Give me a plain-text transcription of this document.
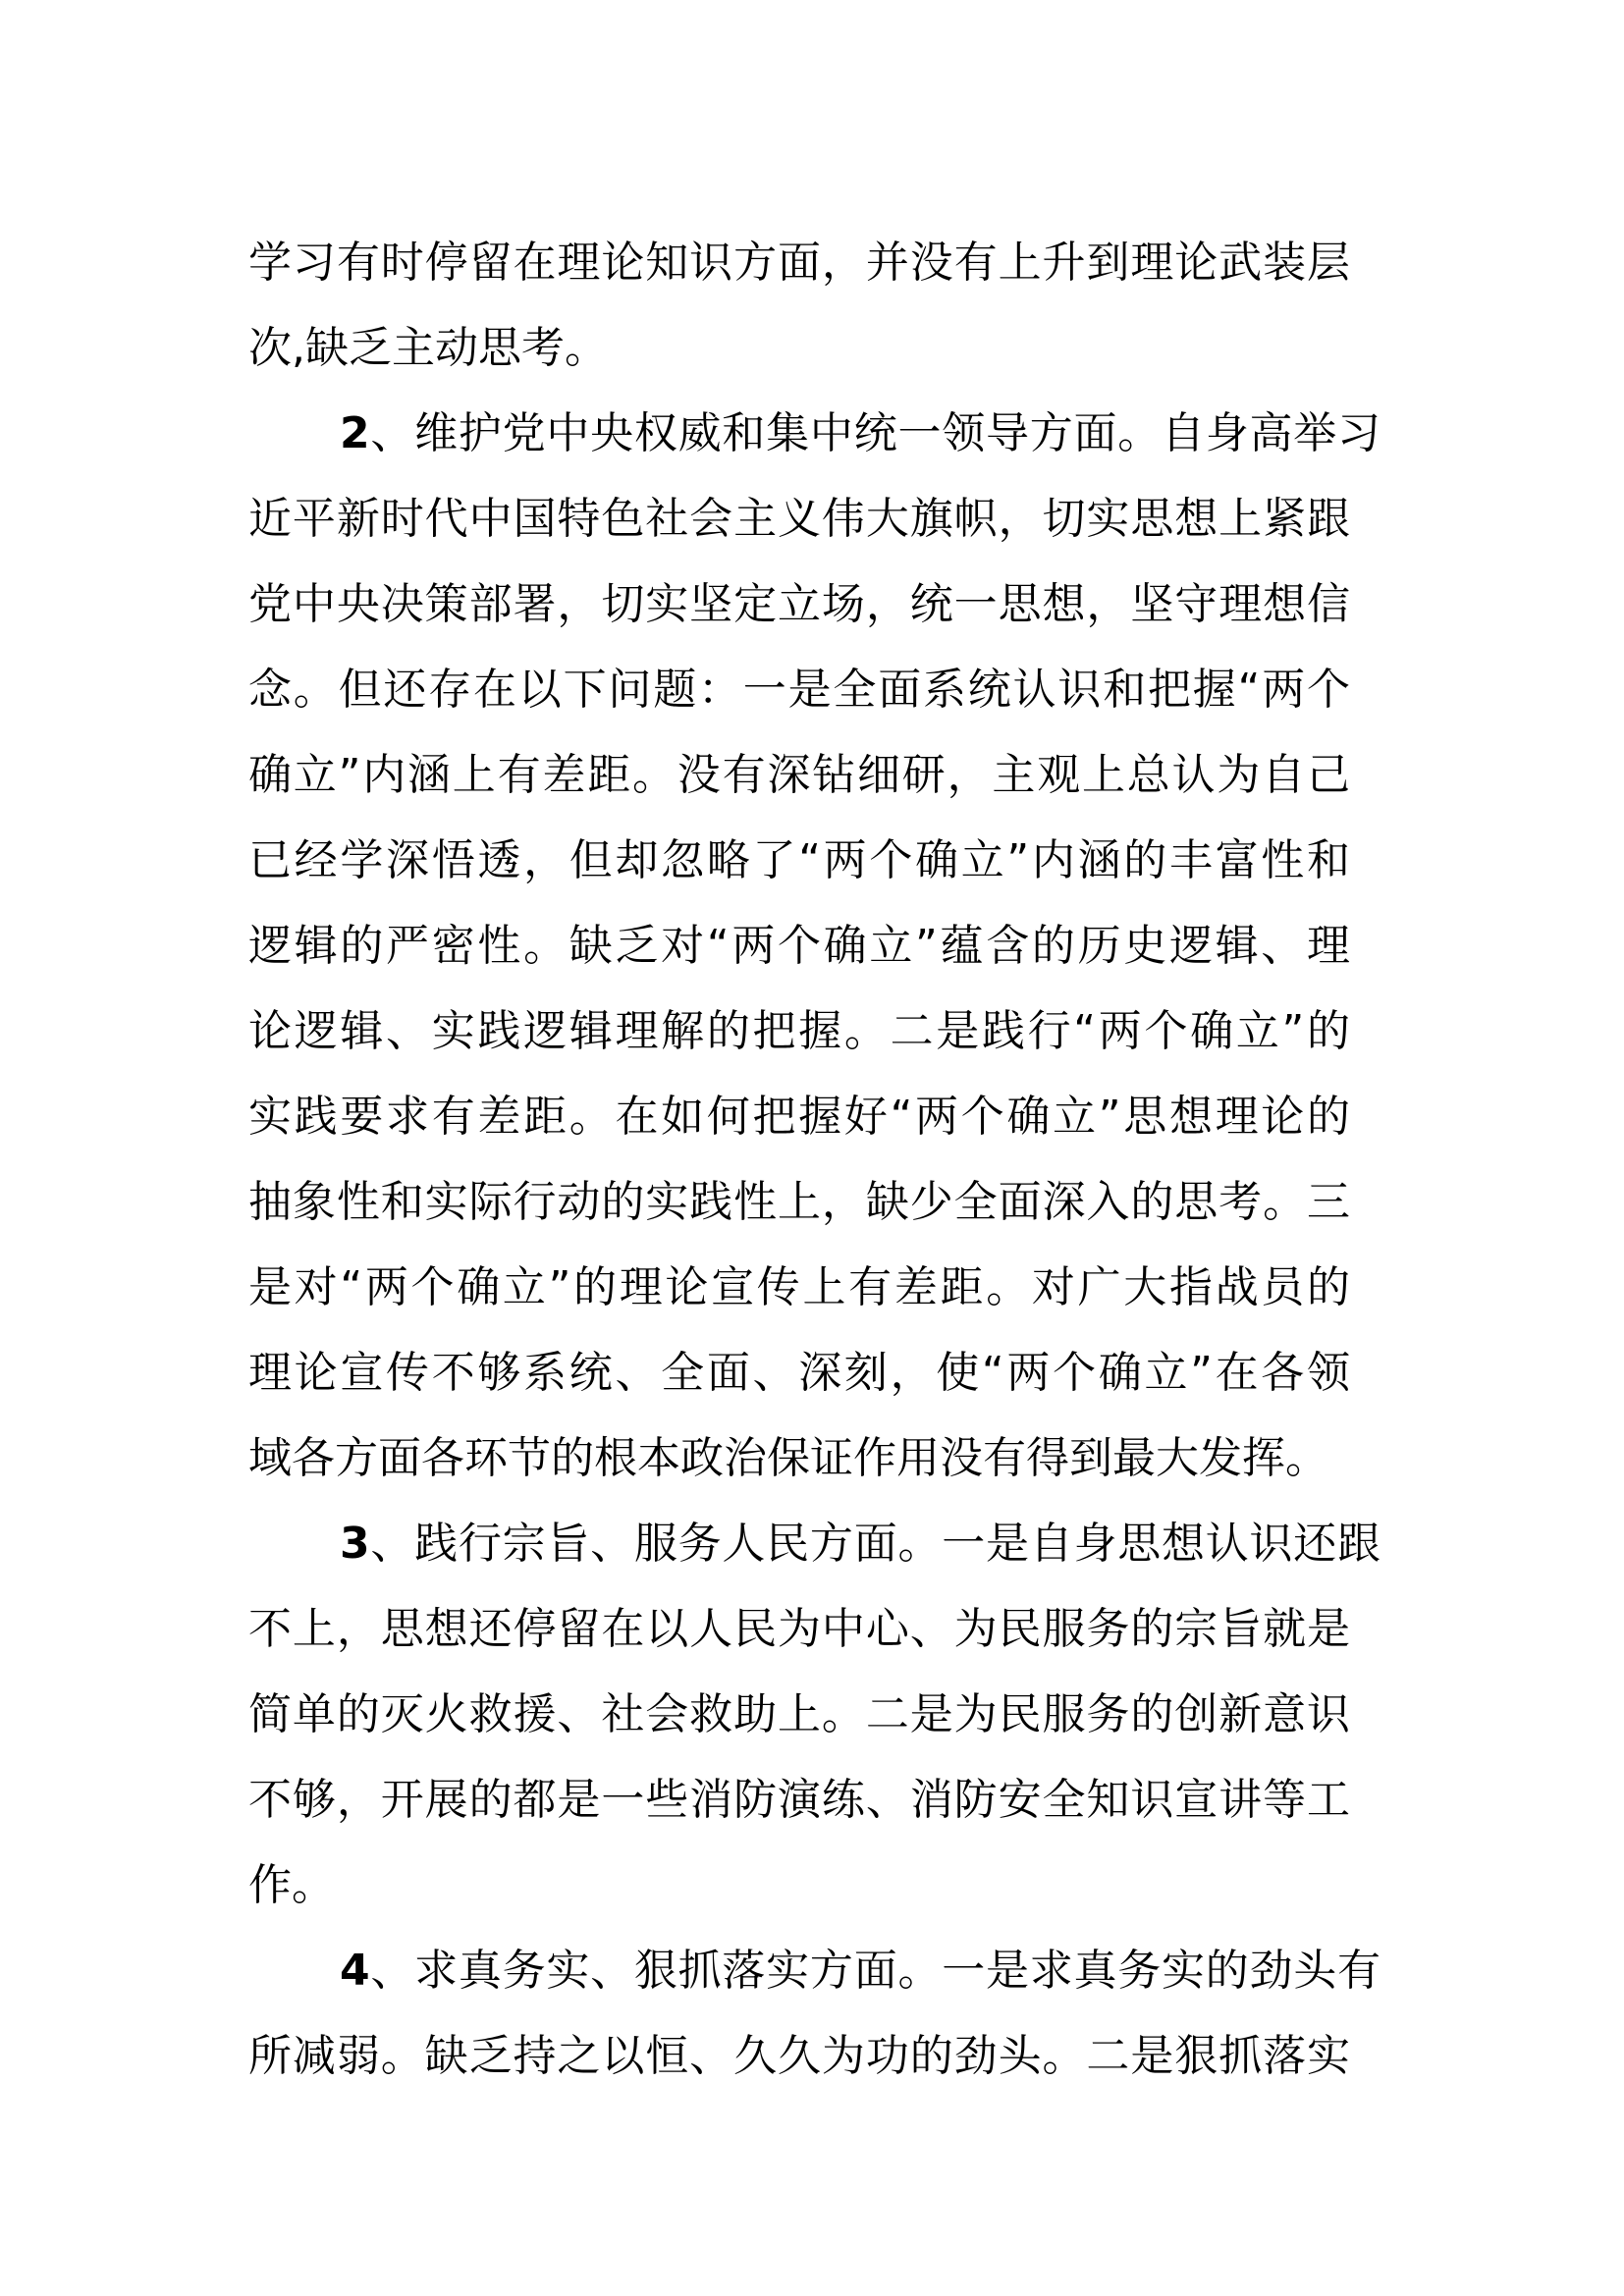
学习有时停留在理论知识方面，并没有上升到理论武装层
次,缺乏主动思考。
2、维护党中央权威和集中统一领导方面。自身高举习
近平新时代中国特色社会主义伟大旗帜，切实思想上紧跟
党中央决策部署，切实坚定立场，统一思想，坚守理想信
念。但还存在以下问题：一是全面系统认识和把握“两个
确立”内涵上有差距。没有深钻细研，主观上总认为自己
已经学深悟透，但却忽略了“两个确立”内涵的丰富性和
逻辑的严密性。缺乏对“两个确立”蕴含的历史逻辑、理
论逻辑、实践逻辑理解的把握。二是践行“两个确立”的
实践要求有差距。在如何把握好“两个确立”思想理论的
抽象性和实际行动的实践性上，缺少全面深入的思考。三
是对“两个确立”的理论宣传上有差距。对广大指战员的
理论宣传不够系统、全面、深刻，使“两个确立”在各领
域各方面各环节的根本政治保证作用没有得到最大发挥。
3、践行宗旨、服务人民方面。一是自身思想认识还跟
不上，思想还停留在以人民为中心、为民服务的宗旨就是
简单的灭火救援、社会救助上。二是为民服务的创新意识
不够，开展的都是一些消防演练、消防安全知识宣讲等工
作。
4、求真务实、狠抓落实方面。一是求真务实的劲头有
所减弱。缺乏持之以恒、久久为功的劲头。二是狠抓落实
